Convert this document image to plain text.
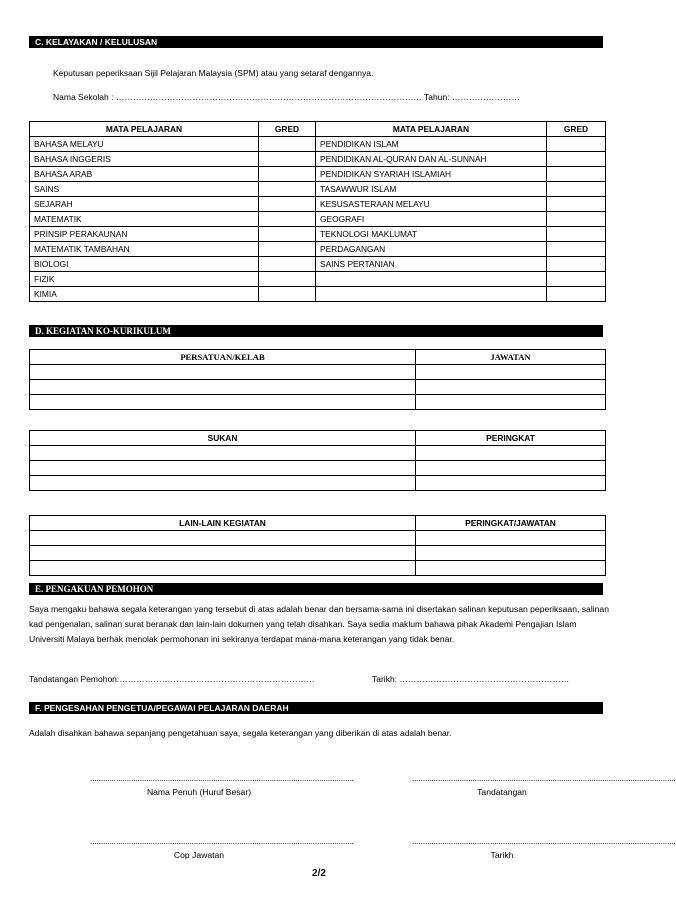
C. KELAYAKAN / KELULUSAN
Keputusan peperiksaan Sijil Pelajaran Malaysia (SPM) atau yang setaraf dengannya.
Nama Sekolah : ……………………………………………………………………………………………… Tahun: ……………………
MATA PELAJARAN	GRED	MATA PELAJARAN	GRED
BAHASA MELAYU		PENDIDIKAN ISLAM	
BAHASA INGGERIS		PENDIDIKAN AL-QURAN DAN AL-SUNNAH	
BAHASA ARAB		PENDIDIKAN SYARIAH ISLAMIAH	
SAINS		TASAWWUR ISLAM	
SEJARAH		KESUSASTERAAN MELAYU	
MATEMATIK		GEOGRAFI	
PRINSIP PERAKAUNAN		TEKNOLOGI MAKLUMAT	
MATEMATIK TAMBAHAN		PERDAGANGAN	
BIOLOGI		SAINS PERTANIAN	
FIZIK			
KIMIA			
D. KEGIATAN KO-KURIKULUM
PERSATUAN/KELAB	JAWATAN

SUKAN	PERINGKAT

LAIN-LAIN KEGIATAN	PERINGKAT/JAWATAN

E. PENGAKUAN PEMOHON
Saya mengaku bahawa segala keterangan yang tersebut di atas adalah benar dan bersama-sama ini disertakan salinan keputusan peperiksaan, salinan kad pengenalan, salinan surat beranak dan lain-lain dokumen yang telah disahkan. Saya sedia maklum bahawa pihak Akademi Pengajian Islam Universiti Malaya berhak menolak permohonan ini sekiranya terdapat mana-mana keterangan yang tidak benar.
Tandatangan Pemohon:……………………………………………………………	Tarikh: ……………………………………………………
F. PENGESAHAN PENGETUA/PEGAWAI PELAJARAN DAERAH
Adalah disahkan bahawa sepanjang pengetahuan saya, segala keterangan yang diberikan di atas adalah benar.
..........................................................................................................................
Nama Penuh (Huruf Besar)
..........................................................................................................................
Tandatangan
..........................................................................................................................
Cop Jawatan
..........................................................................................................................
Tarikh
2/2
